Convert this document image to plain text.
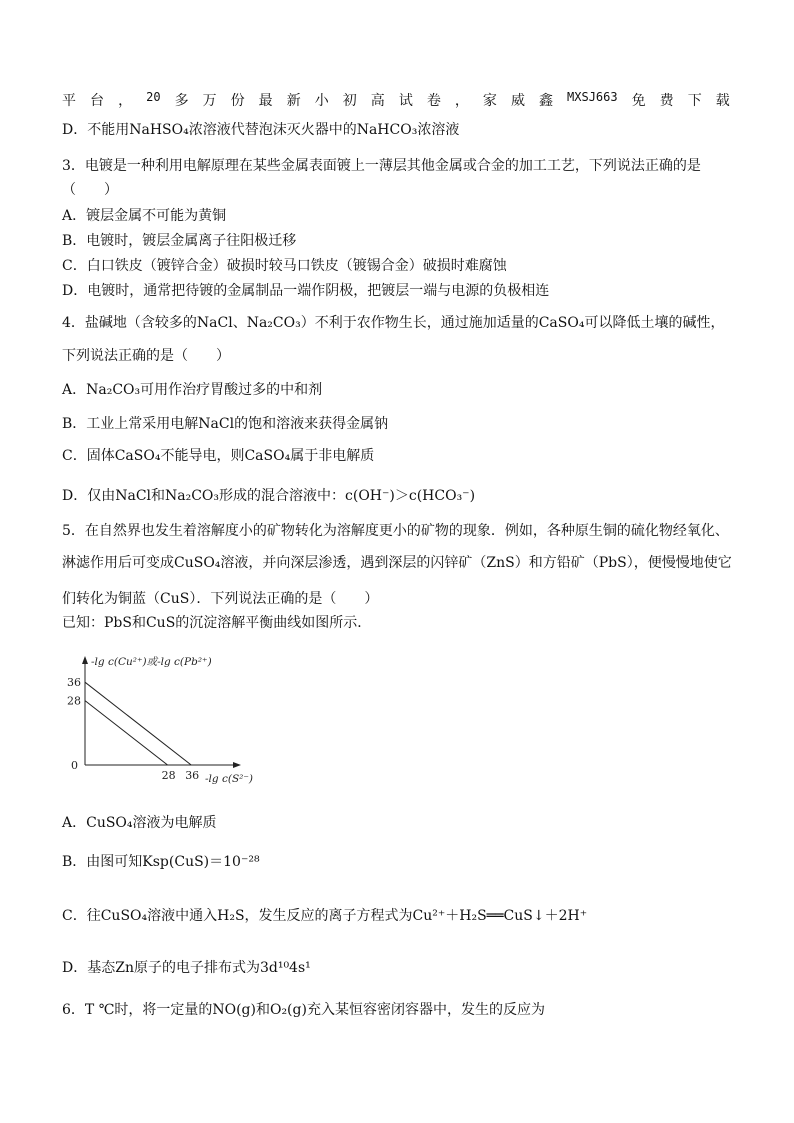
平 台 ， 20 多 万 份 最 新 小 初 高 试 卷 ， 家 威 鑫 MXSJ663 免 费 下 载
D．不能用NaHSO₄浓溶液代替泡沫灭火器中的NaHCO₃浓溶液
3．电镀是一种利用电解原理在某些金属表面镀上一薄层其他金属或合金的加工工艺，下列说法正确的是
（　　）
A．镀层金属不可能为黄铜
B．电镀时，镀层金属离子往阳极迁移
C．白口铁皮（镀锌合金）破损时较马口铁皮（镀锡合金）破损时难腐蚀
D．电镀时，通常把待镀的金属制品一端作阴极，把镀层一端与电源的负极相连
4．盐碱地（含较多的NaCl、Na₂CO₃）不利于农作物生长，通过施加适量的CaSO₄可以降低土壤的碱性，
下列说法正确的是（　　）
A．Na₂CO₃可用作治疗胃酸过多的中和剂
B．工业上常采用电解NaCl的饱和溶液来获得金属钠
C．固体CaSO₄不能导电，则CaSO₄属于非电解质
D．仅由NaCl和Na₂CO₃形成的混合溶液中：c(OH⁻)＞c(HCO₃⁻)
5．在自然界也发生着溶解度小的矿物转化为溶解度更小的矿物的现象．例如，各种原生铜的硫化物经氧化、
淋滤作用后可变成CuSO₄溶液，并向深层渗透，遇到深层的闪锌矿（ZnS）和方铅矿（PbS），便慢慢地使它
们转化为铜蓝（CuS）．下列说法正确的是（　　）
已知：PbS和CuS的沉淀溶解平衡曲线如图所示．
36
28
0
28 36
-lg c(Cu²⁺)或-lg c(Pb²⁺)
-lg c(S²⁻)
A．CuSO₄溶液为电解质
B．由图可知Ksp(CuS)＝10⁻²⁸
C．往CuSO₄溶液中通入H₂S，发生反应的离子方程式为Cu²⁺＋H₂S══CuS↓＋2H⁺
D．基态Zn原子的电子排布式为3d¹⁰4s¹
6．T ℃时，将一定量的NO(g)和O₂(g)充入某恒容密闭容器中，发生的反应为
